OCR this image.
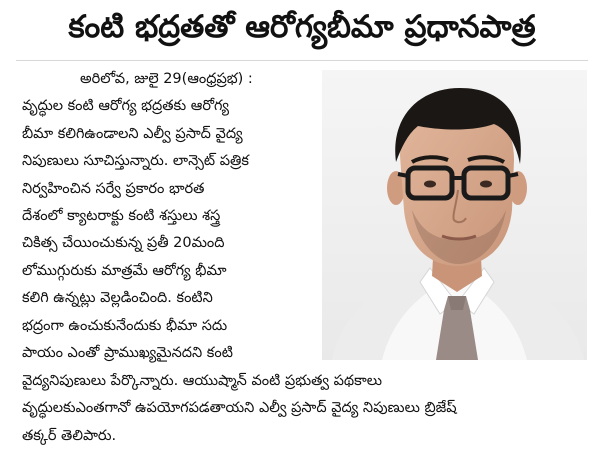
కంటి భద్రతతో ఆరోగ్యబీమా ప్రధానపాత్ర
అరిలోవ, జులై 29(ఆంధ్రప్రభ) :
వృద్ధుల కంటి ఆరోగ్య భద్రతకు ఆరోగ్య
బీమా కలిగిఉండాలని ఎల్వీ ప్రసాద్ వైద్య
నిపుణులు సూచిస్తున్నారు. లాన్సెట్ పత్రిక
నిర్వహించిన సర్వే ప్రకారం భారత
దేశంలో క్యాటరాక్టు కంటి శస్తులు శస్త్ర
చికిత్స చేయించుకున్న ప్రతీ 20మంది
లోముగ్గురుకు మాత్రమే ఆరోగ్య భీమా
కలిగి ఉన్నట్లు వెల్లడించింది. కంటిని
భద్రంగా ఉంచుకునేందుకు భీమా సదు
పాయం ఎంతో ప్రాముఖ్యమైనదని కంటి
వైద్యనిపుణులు పేర్కొన్నారు. ఆయుష్మాన్ వంటి ప్రభుత్వ పథకాలు
వృద్ధులకుఎంతగానో ఉపయోగపడతాయని ఎల్వీ ప్రసాద్ వైద్య నిపుణులు బ్రిజేష్
తక్కర్ తెలిపారు.
